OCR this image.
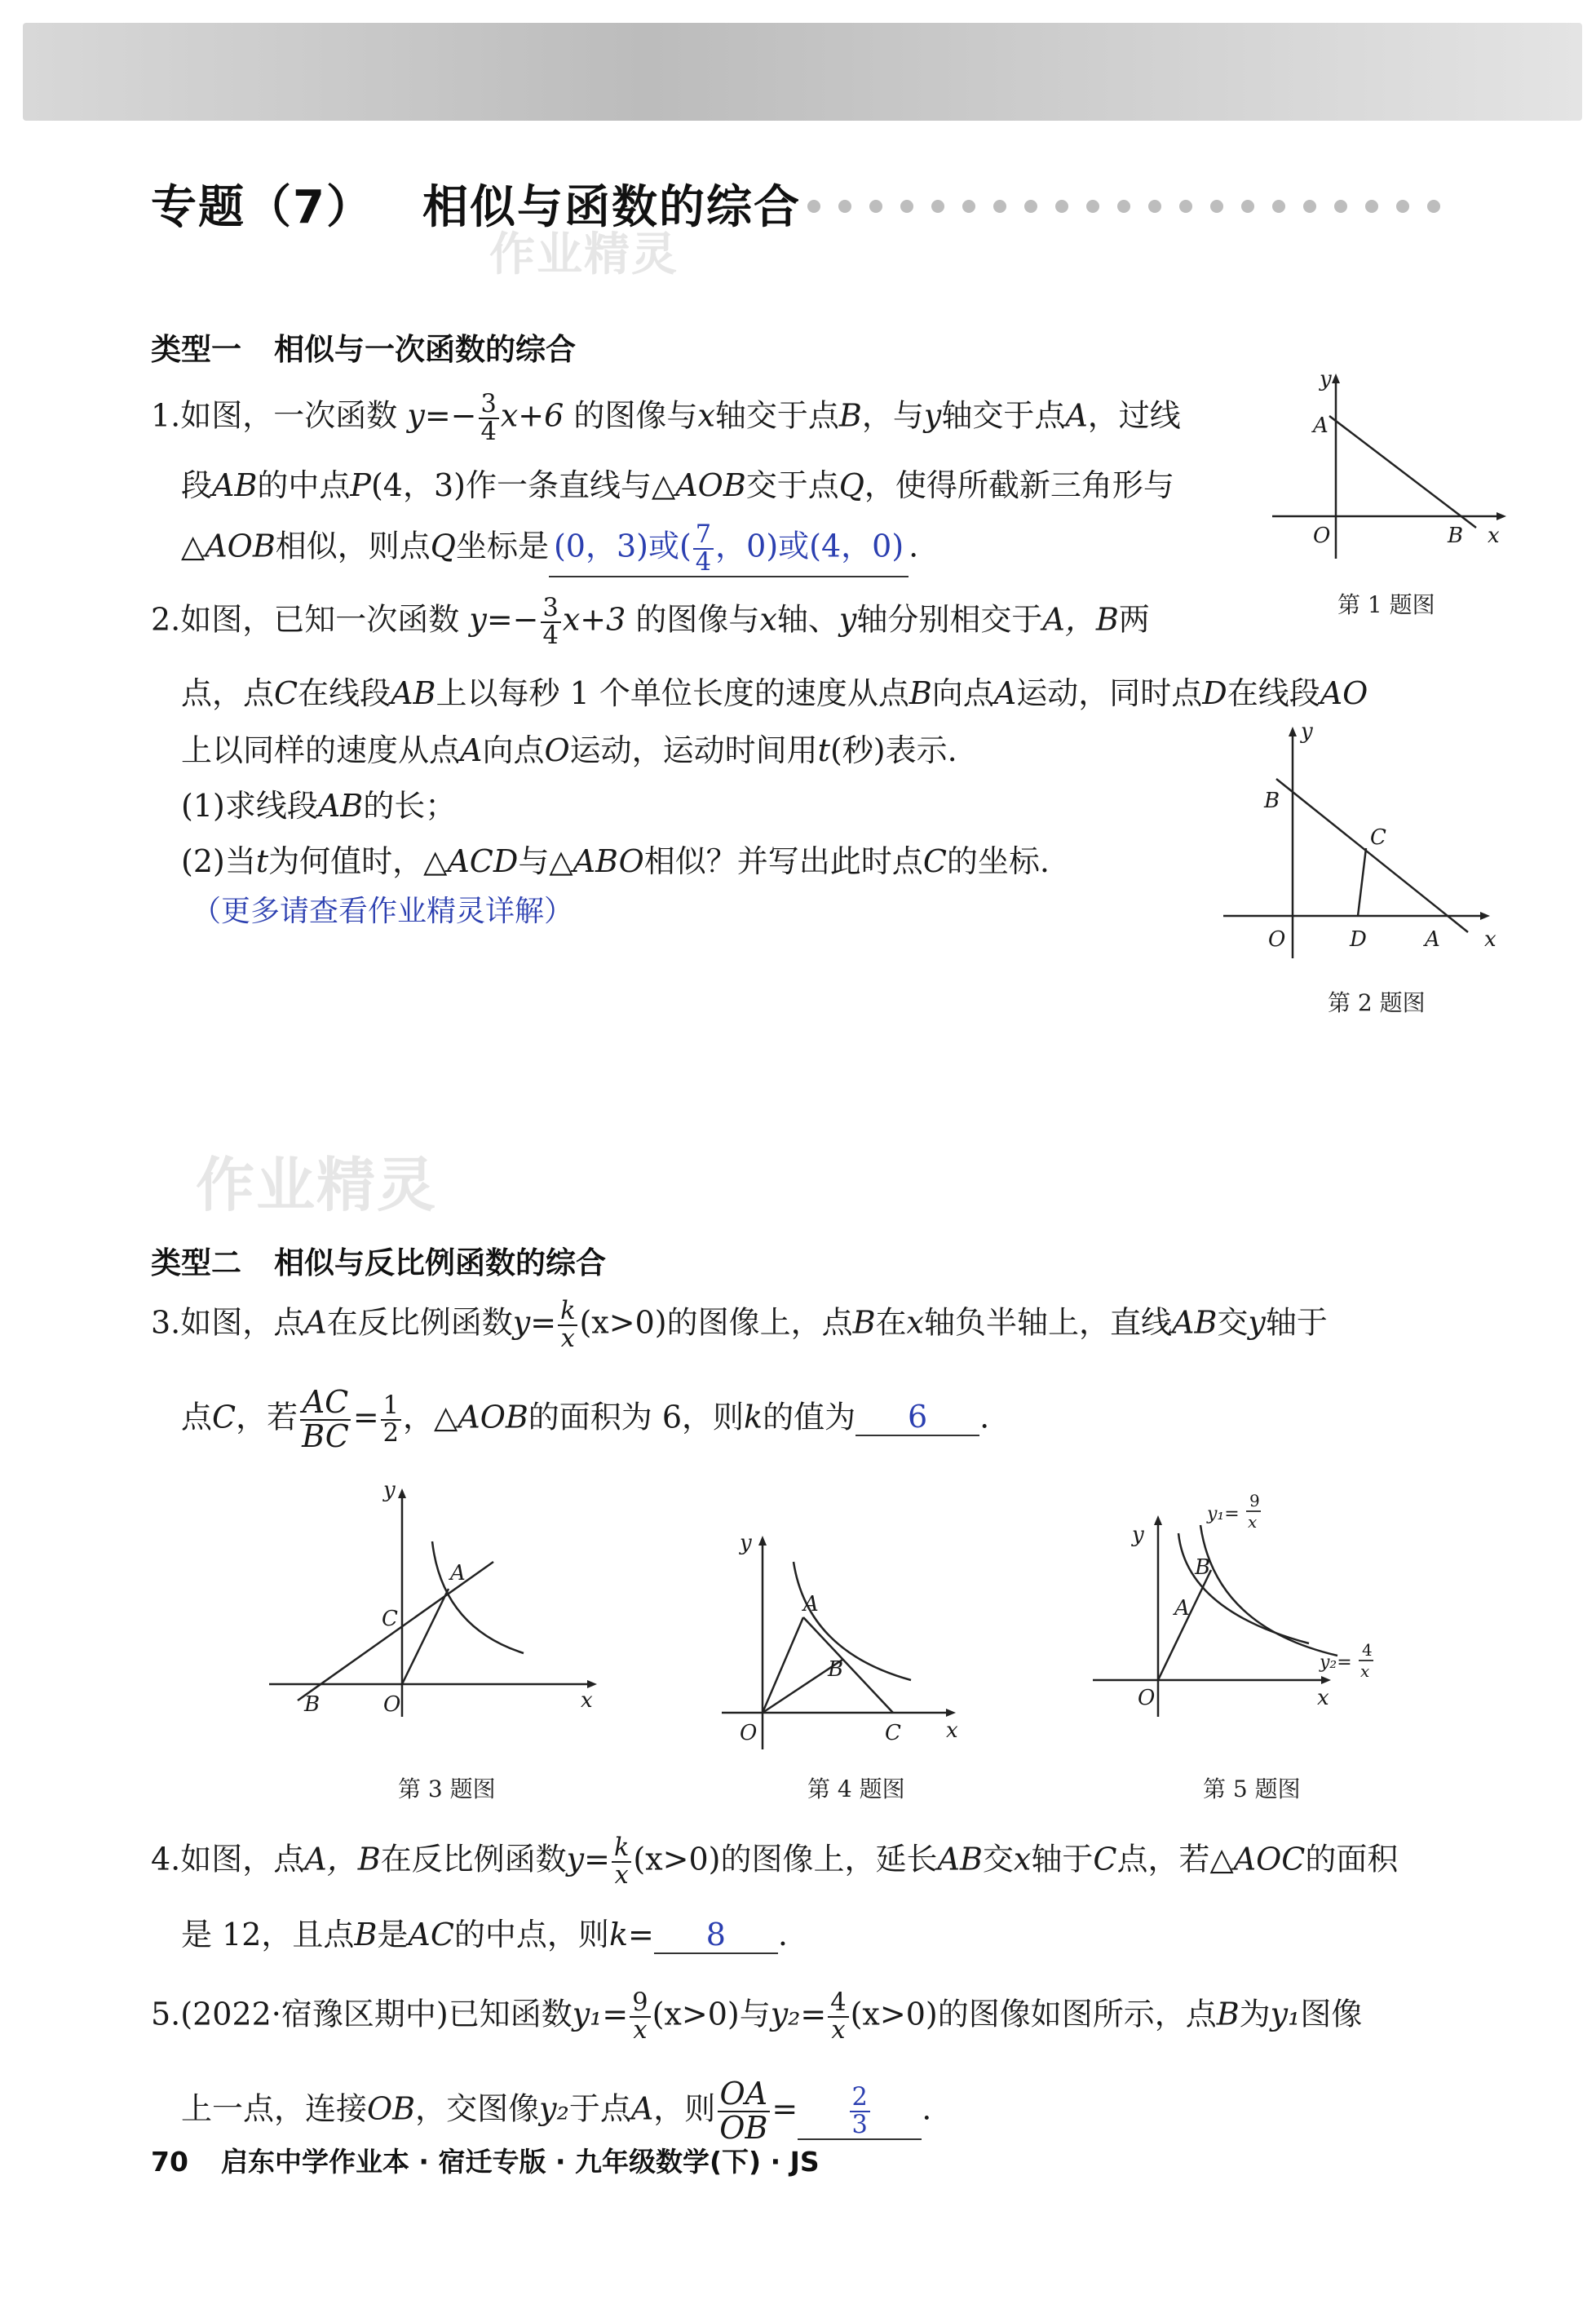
专题（7） 相似与函数的综合
作业精灵
作业精灵
类型一 相似与一次函数的综合
1.如图，一次函数 $y=- \frac{3}{4} x+6$ 的图像与x轴交于点B，与y轴交于点A，过线
段AB的中点P(4，3)作一条直线与△AOB交于点Q，使得所截新三角形与
△AOB相似，则点Q坐标是 (0，3)或( $\frac{7}{4}$ ，0)或(4，0) .
A
B
O	x
y
第 1 题图
2.如图，已知一次函数 $y=- \frac{3}{4} x+3$ 的图像与x轴、y轴分别相交于A，B两
点，点C在线段AB上以每秒 1 个单位长度的速度从点B向点A运动，同时点D在线段AO
上以同样的速度从点A向点O运动，运动时间用t(秒)表示.
(1)求线段AB的长；
(2)当t为何值时，△ACD与△ABO相似？并写出此时点C的坐标.
（更多请查看作业精灵详解）
B
C
D	A
O	x
y
第 2 题图
类型二 相似与反比例函数的综合
3.如图，点A在反比例函数$y= \frac{k}{x} (x>0)$的图像上，点B在x轴负半轴上，直线AB交y轴于
点C，若 $\frac{AC}{BC} = \frac{1}{2}$ ，△AOB的面积为 6，则k的值为 6 .
A
C
B	O	x
y
第 3 题图
A
B
C
O	x
y
第 4 题图
B
A
O	x
y
y₁=
9
x
y₂=
4
x
第 5 题图
4.如图，点A，B在反比例函数$y= \frac{k}{x} (x>0)$的图像上，延长AB交x轴于C点，若△AOC的面积
是 12，且点B是AC的中点，则k= 8 .
5.(2022·宿豫区期中)已知函数$y_1= \frac{9}{x} (x>0)$与$y_2= \frac{4}{x} (x>0)$的图像如图所示，点B为y₁图像
上一点，连接OB，交图像y₂于点A，则 $\frac{OA}{OB} = \frac{2}{3}$ .
70 启东中学作业本 · 宿迁专版 · 九年级数学(下) · JS
